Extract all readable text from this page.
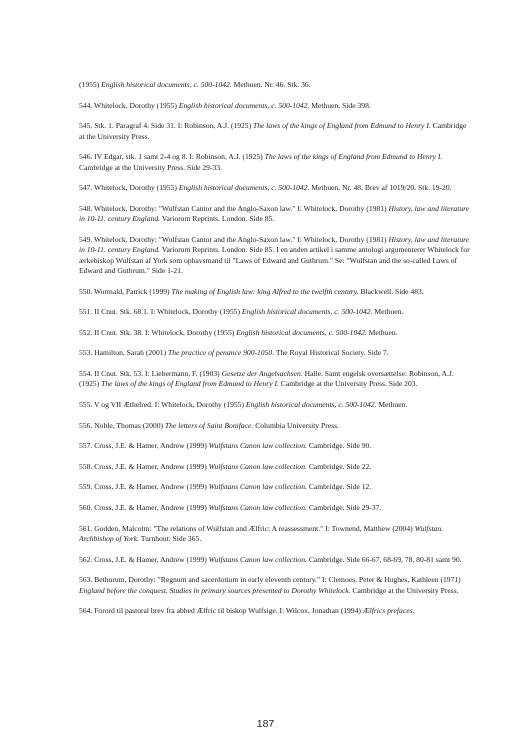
(1955) English historical documents, c. 500-1042. Methuen. Nr. 46. Stk. 36.

544. Whitelock, Dorothy (1955) English historical documents, c. 500-1042. Methuen. Side 398.

545. Stk. 1. Paragraf 4. Side 31. I: Robinson, A.J. (1925) The laws of the kings of England from Edmund to Henry I. Cambridge at the University Press.

546. IV Edgar, stk. 1 samt 2-4 og 8. I: Robinson, A.J. (1925) The laws of the kings of England from Edmund to Henry I. Cambridge at the University Press. Side 29-33.

547. Whitelock, Dorothy (1955) English historical documents, c. 500-1042. Methuen. Nr. 48. Brev af 1019/20. Stk. 19-20.

548. Whitelock, Dorothy: "Wulfstan Cantor and the Anglo-Saxon law." I: Whitelock, Dorothy (1981) History, law and literature in 10-11. century England. Variorum Reprints. London. Side 85.

549. Whitelock, Dorothy: "Wulfstan Cantor and the Anglo-Saxon law." I: Whitelock, Dorothy (1981) History, law and literature in 10-11. century England. Variorum Reprints. London. Side 85. I en anden artikel i samme antologi argumenterer Whitelock for ærkebiskop Wulfstan af York som ophavsmand til "Laws of Edward and Guthrum." Se: "Wulfstan and the so-called Laws of Edward and Guthrum." Side 1-21.

550. Wormald, Patrick (1999) The making of English law: king Alfred to the twelfth century. Blackwell. Side 483.

551. II Cnut. Stk. 68.1. I: Whitelock, Dorothy (1955) English historical documents, c. 500-1042. Methuen.

552. II Cnut. Stk. 38. I: Whitelock, Dorothy (1955) English historical documents, c. 500-1042. Methuen.

553. Hamilton, Sarah (2001) The practice of penance 900-1050. The Royal Historical Society. Side 7.

554. II Cnut. Stk. 53. I: Liebermann, F. (1903) Gesetze der Angelsachsen. Halle. Samt engelsk oversættelse: Robinson, A.J. (1925) The laws of the kings of England from Edmund to Henry I. Cambridge at the University Press. Side 203.

555. V og VII Æthelred. I: Whitelock, Dorothy (1955) English historical documents, c. 500-1042. Methuen.

556. Noble, Thomas (2000) The letters of Saint Boniface. Columbia University Press.

557. Cross, J.E. & Hamer, Andrew (1999) Wulfstans Canon law collection. Cambridge. Side 90.

558. Cross, J.E. & Hamer, Andrew (1999) Wulfstans Canon law collection. Cambridge. Side 22.

559. Cross, J.E. & Hamer, Andrew (1999) Wulfstans Canon law collection. Cambridge. Side 12.

560. Cross, J.E. & Hamer, Andrew (1999) Wulfstans Canon law collection. Cambridge. Side 29-37.

561. Godden, Malcolm: "The relations of Wulfstan and Ælfric: A reassessment." I: Townend, Matthew (2004) Wulfstan. Archbishop of York. Turnhout. Side 365.

562. Cross, J.E. & Hamer, Andrew (1999) Wulfstans Canon law collection. Cambridge. Side 66-67, 68-69, 78, 80-81 samt 90.

563. Bethurum, Dorothy: "Regnum and sacerdotium in early eleventh century." I: Clemoes, Peter & Hughes, Kathleen (1971) England before the conquest. Studies in primary sources presented to Dorothy Whitelock. Cambridge at the University Press.

564. Forord til pastoral brev fra abbed Ælfric til biskop Wulfsige. I: Wilcox, Jonathan (1994) Ælfrics prefaces.

187
